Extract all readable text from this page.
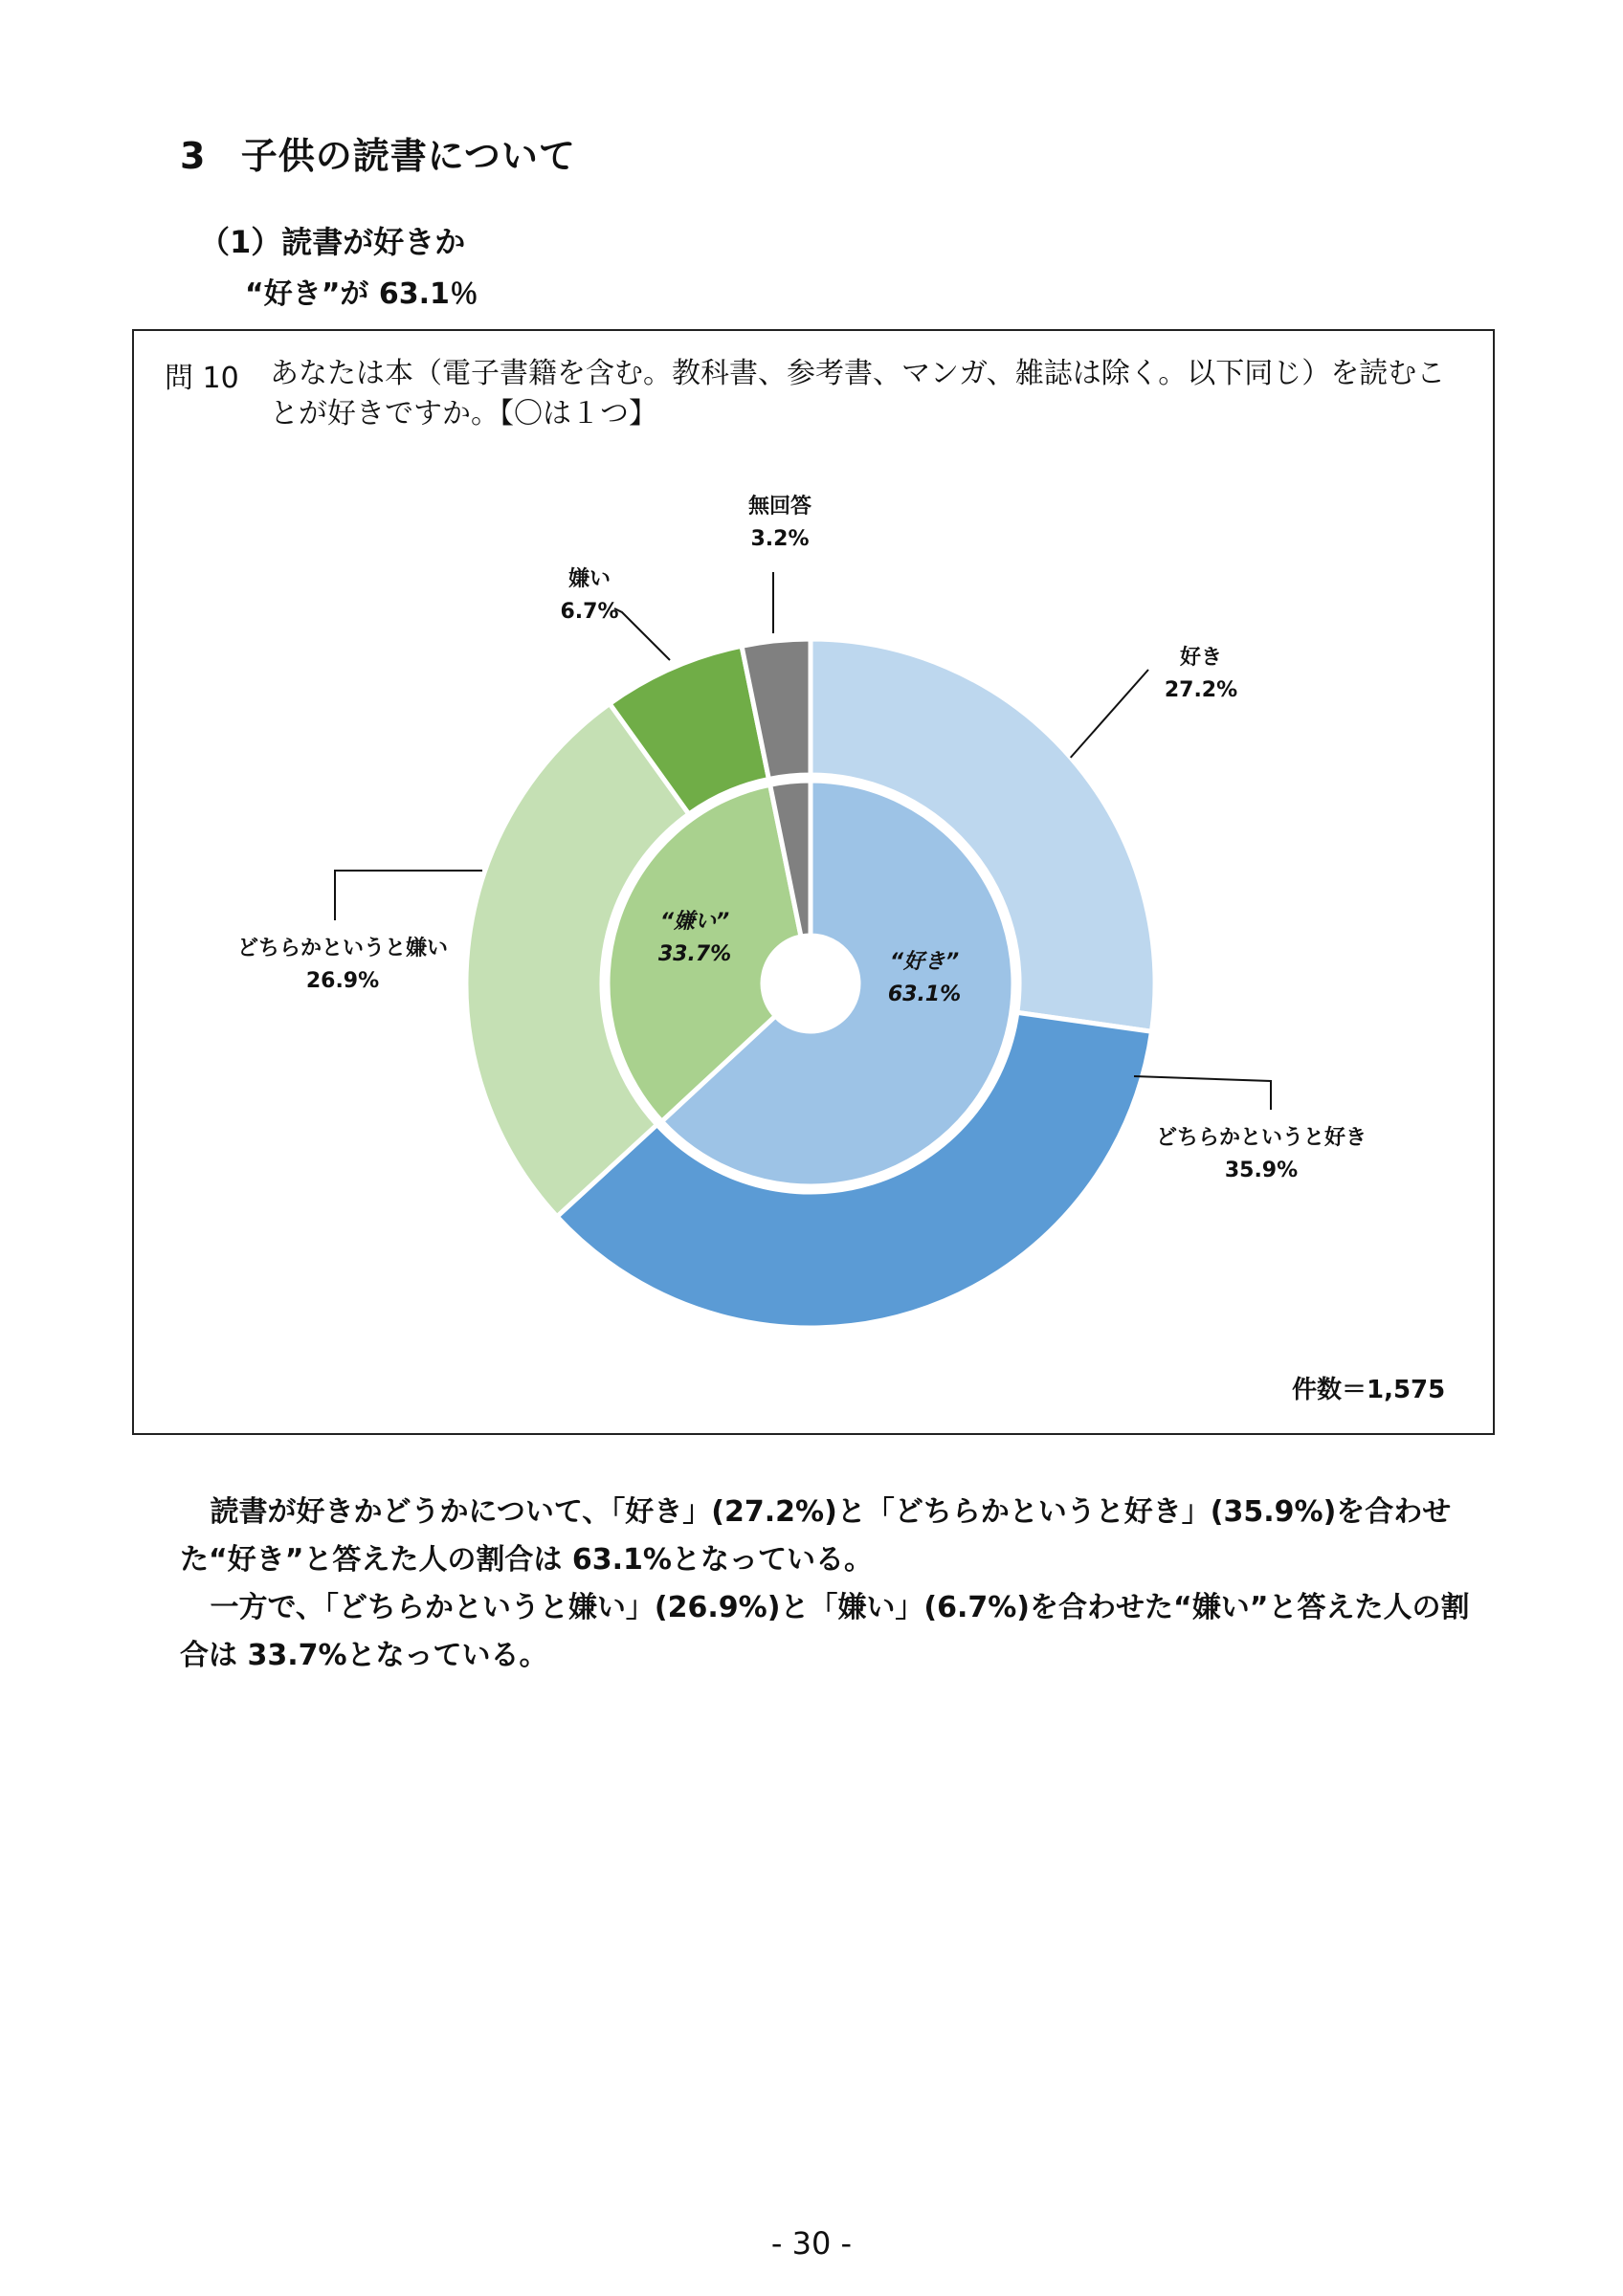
3 子供の読書について
（1）読書が好きか
“好き”が 63.1％
問 10 あなたは本（電子書籍を含む。教科書、参考書、マンガ、雑誌は除く。以下同じ）を読むことが好きですか。【〇は１つ】
好き
27.2%
どちらかというと好き
35.9%
どちらかというと嫌い
26.9%
嫌い
6.7%
無回答
3.2%
“好き”
63.1%
“嫌い”
33.7%
件数＝1,575

読書が好きかどうかについて、「好き」(27.2%)と「どちらかというと好き」(35.9%)を合わせた“好き”と答えた人の割合は 63.1%となっている。

一方で、「どちらかというと嫌い」(26.9%)と「嫌い」(6.7%)を合わせた“嫌い”と答えた人の割合は 33.7%となっている。

- 30 -
